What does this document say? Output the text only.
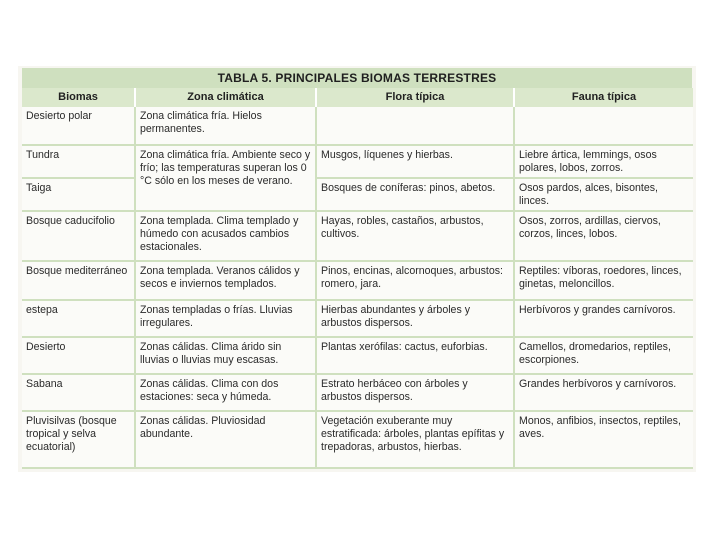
TABLA 5. PRINCIPALES BIOMAS TERRESTRES
Biomas	Zona climática	Flora típica	Fauna típica
Desierto polar	Zona climática fría. Hielos permanentes.		
Tundra	Zona climática fría. Ambiente seco y frío; las temperaturas superan los 0 °C sólo en los meses de verano.	Musgos, líquenes y hierbas.	Liebre ártica, lemmings, osos polares, lobos, zorros.
Taiga		Bosques de coníferas: pinos, abetos.	Osos pardos, alces, bisontes, linces.
Bosque caducifolio	Zona templada. Clima templado y húmedo con acusados cambios estacionales.	Hayas, robles, castaños, arbustos, cultivos.	Osos, zorros, ardillas, ciervos, corzos, linces, lobos.
Bosque mediterráneo	Zona templada. Veranos cálidos y secos e inviernos templados.	Pinos, encinas, alcornoques, arbustos: romero, jara.	Reptiles: víboras, roedores, linces, ginetas, meloncillos.
estepa	Zonas templadas o frías. Lluvias irregulares.	Hierbas abundantes y árboles y arbustos dispersos.	Herbívoros y grandes carnívoros.
Desierto	Zonas cálidas. Clima árido sin lluvias o lluvias muy escasas.	Plantas xerófilas: cactus, euforbias.	Camellos, dromedarios, reptiles, escorpiones.
Sabana	Zonas cálidas. Clima con dos estaciones: seca y húmeda.	Estrato herbáceo con árboles y arbustos dispersos.	Grandes herbívoros y carnívoros.
Pluvisilvas (bosque tropical y selva ecuatorial)	Zonas cálidas. Pluviosidad abundante.	Vegetación exuberante muy estratificada: árboles, plantas epífitas y trepadoras, arbustos, hierbas.	Monos, anfibios, insectos, reptiles, aves.
